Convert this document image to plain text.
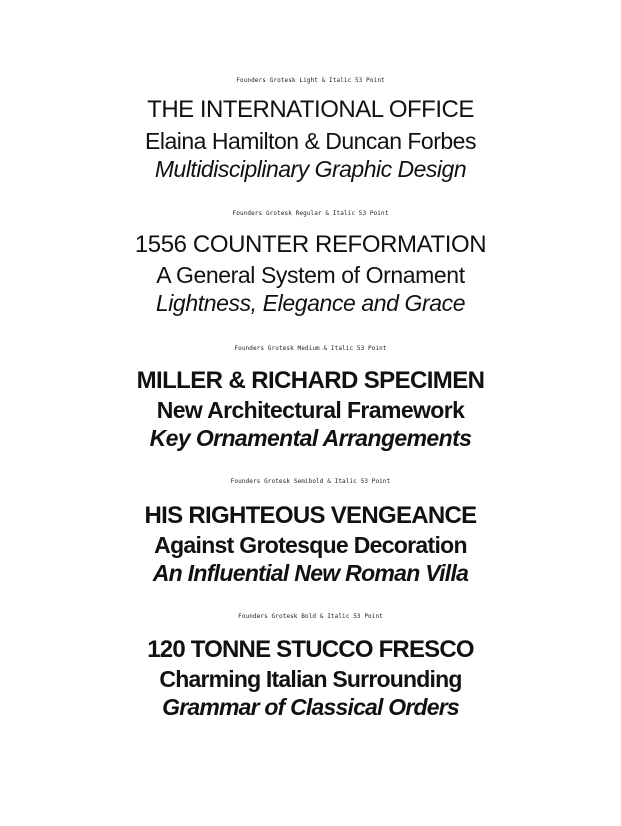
Founders Grotesk Light & Italic 53 Point
THE INTERNATIONAL OFFICE
Elaina Hamilton & Duncan Forbes
Multidisciplinary Graphic Design
Founders Grotesk Regular & Italic 53 Point
1556 COUNTER REFORMATION
A General System of Ornament
Lightness, Elegance and Grace
Founders Grotesk Medium & Italic 53 Point
MILLER & RICHARD SPECIMEN
New Architectural Framework
Key Ornamental Arrangements
Founders Grotesk Semibold & Italic 53 Point
HIS RIGHTEOUS VENGEANCE
Against Grotesque Decoration
An Influential New Roman Villa
Founders Grotesk Bold & Italic 53 Point
120 TONNE STUCCO FRESCO
Charming Italian Surrounding
Grammar of Classical Orders
